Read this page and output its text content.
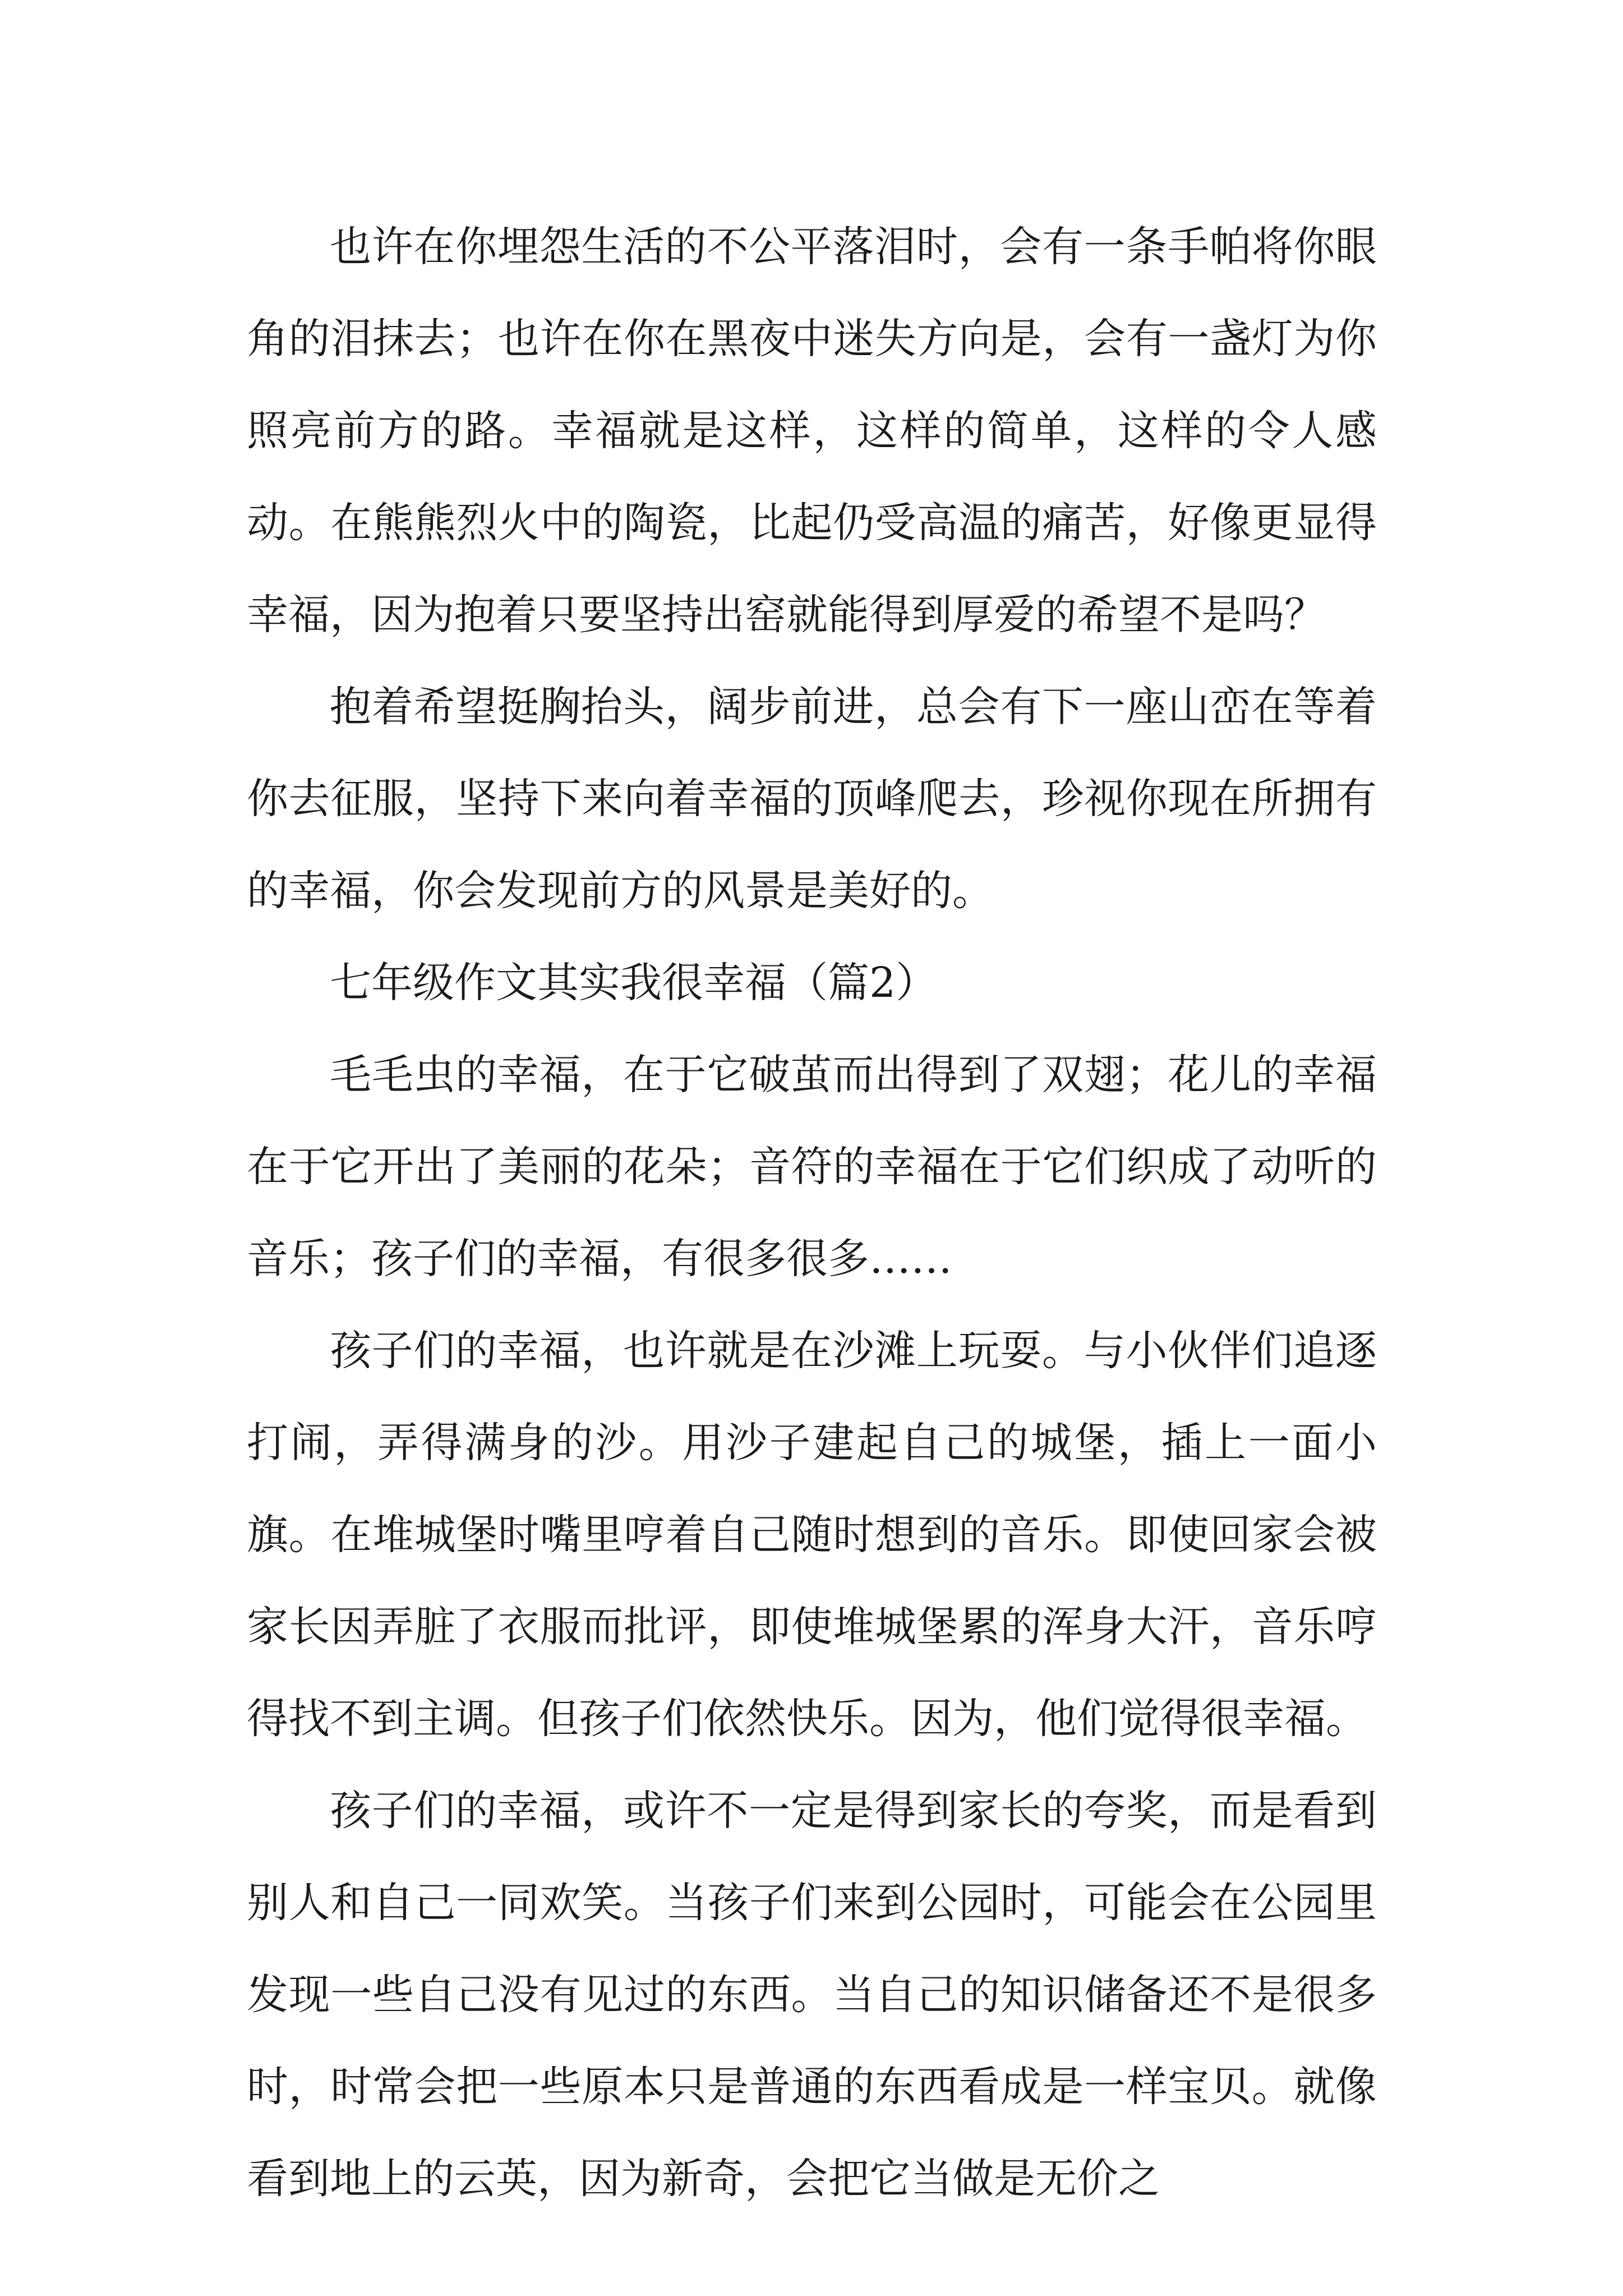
也许在你埋怨生活的不公平落泪时，会有一条手帕将你眼角的泪抹去；也许在你在黑夜中迷失方向是，会有一盏灯为你照亮前方的路。幸福就是这样，这样的简单，这样的令人感动。在熊熊烈火中的陶瓷，比起仍受高温的痛苦，好像更显得幸福，因为抱着只要坚持出窑就能得到厚爱的希望不是吗？

抱着希望挺胸抬头，阔步前进，总会有下一座山峦在等着你去征服，坚持下来向着幸福的顶峰爬去，珍视你现在所拥有的幸福，你会发现前方的风景是美好的。

七年级作文其实我很幸福（篇2）

毛毛虫的幸福，在于它破茧而出得到了双翅；花儿的幸福在于它开出了美丽的花朵；音符的幸福在于它们织成了动听的音乐；孩子们的幸福，有很多很多……

孩子们的幸福，也许就是在沙滩上玩耍。与小伙伴们追逐打闹，弄得满身的沙。用沙子建起自己的城堡，插上一面小旗。在堆城堡时嘴里哼着自己随时想到的音乐。即使回家会被家长因弄脏了衣服而批评，即使堆城堡累的浑身大汗，音乐哼得找不到主调。但孩子们依然快乐。因为，他们觉得很幸福。

孩子们的幸福，或许不一定是得到家长的夸奖，而是看到别人和自己一同欢笑。当孩子们来到公园时，可能会在公园里发现一些自己没有见过的东西。当自己的知识储备还不是很多时，时常会把一些原本只是普通的东西看成是一样宝贝。就像看到地上的云英，因为新奇，会把它当做是无价之
